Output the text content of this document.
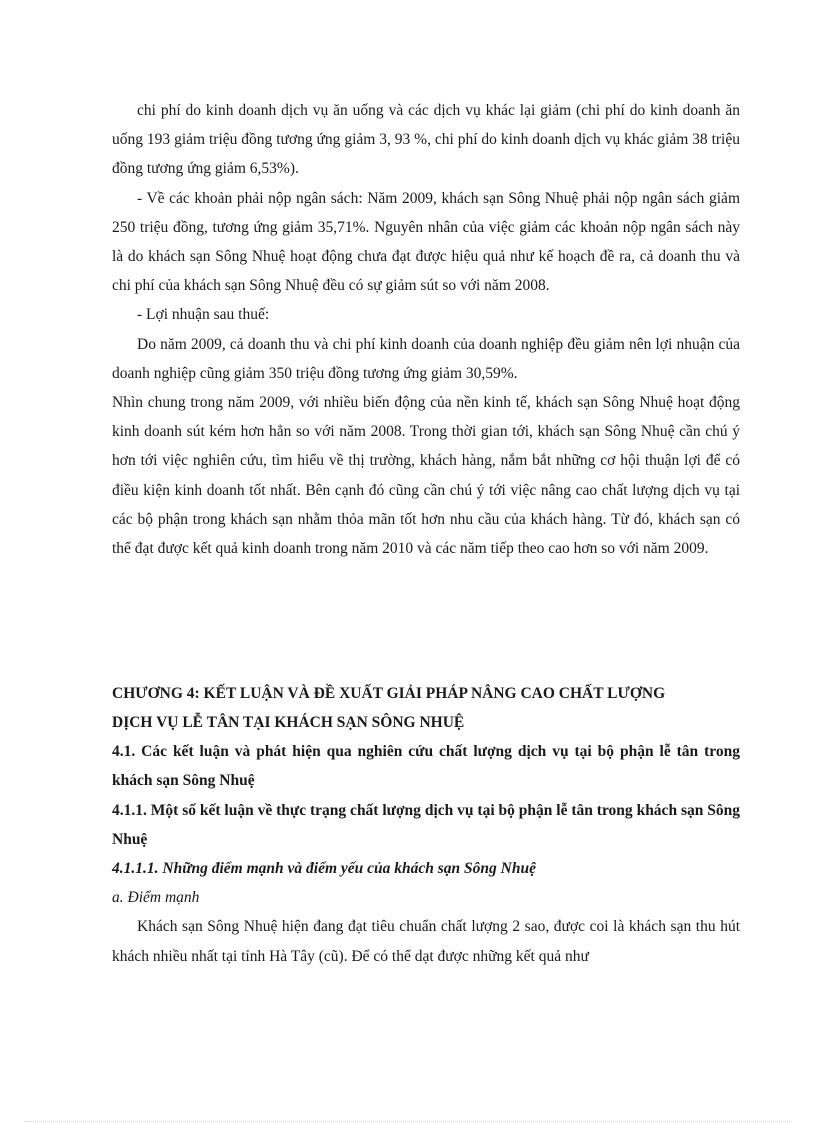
chi phí do kinh doanh dịch vụ ăn uống và các dịch vụ khác lại giảm (chi phí do kinh doanh ăn uống 193 giảm triệu đồng tương ứng giảm 3, 93 %, chi phí do kinh doanh dịch vụ khác giảm 38 triệu đồng tương ứng giảm 6,53%).

- Về các khoản phải nộp ngân sách: Năm 2009, khách sạn Sông Nhuệ phải nộp ngân sách giảm 250 triệu đồng, tương ứng giảm 35,71%. Nguyên nhân của việc giảm các khoản nộp ngân sách này là do khách sạn Sông Nhuệ hoạt động chưa đạt được hiệu quả như kế hoạch đề ra, cả doanh thu và chi phí của khách sạn Sông Nhuệ đều có sự giảm sút so với năm 2008.

- Lợi nhuận sau thuế:

Do năm 2009, cả doanh thu và chi phí kinh doanh của doanh nghiệp đều giảm nên lợi nhuận của doanh nghiệp cũng giảm 350 triệu đồng tương ứng giảm 30,59%.

Nhìn chung trong năm 2009, với nhiều biến động của nền kinh tế, khách sạn Sông Nhuệ hoạt động kinh doanh sút kém hơn hẳn so với năm 2008. Trong thời gian tới, khách sạn Sông Nhuệ cần chú ý hơn tới việc nghiên cứu, tìm hiểu về thị trường, khách hàng, nắm bắt những cơ hội thuận lợi để có điều kiện kinh doanh tốt nhất. Bên cạnh đó cũng cần chú ý tới việc nâng cao chất lượng dịch vụ tại các bộ phận trong khách sạn nhằm thỏa mãn tốt hơn nhu cầu của khách hàng. Từ đó, khách sạn có thể đạt được kết quả kinh doanh trong năm 2010 và các năm tiếp theo cao hơn so với năm 2009.

CHƯƠNG 4: KẾT LUẬN VÀ ĐỀ XUẤT GIẢI PHÁP NÂNG CAO CHẤT LƯỢNG

DỊCH VỤ LỄ TÂN TẠI KHÁCH SẠN SÔNG NHUỆ

4.1. Các kết luận và phát hiện qua nghiên cứu chất lượng dịch vụ tại bộ phận lễ tân trong khách sạn Sông Nhuệ

4.1.1. Một số kết luận về thực trạng chất lượng dịch vụ tại bộ phận lễ tân trong khách sạn Sông Nhuệ

4.1.1.1. Những điểm mạnh và điểm yếu của khách sạn Sông Nhuệ

a. Điểm mạnh

Khách sạn Sông Nhuệ hiện đang đạt tiêu chuẩn chất lượng 2 sao, được coi là khách sạn thu hút khách nhiều nhất tại tỉnh Hà Tây (cũ). Để có thể dạt được những kết quả như
